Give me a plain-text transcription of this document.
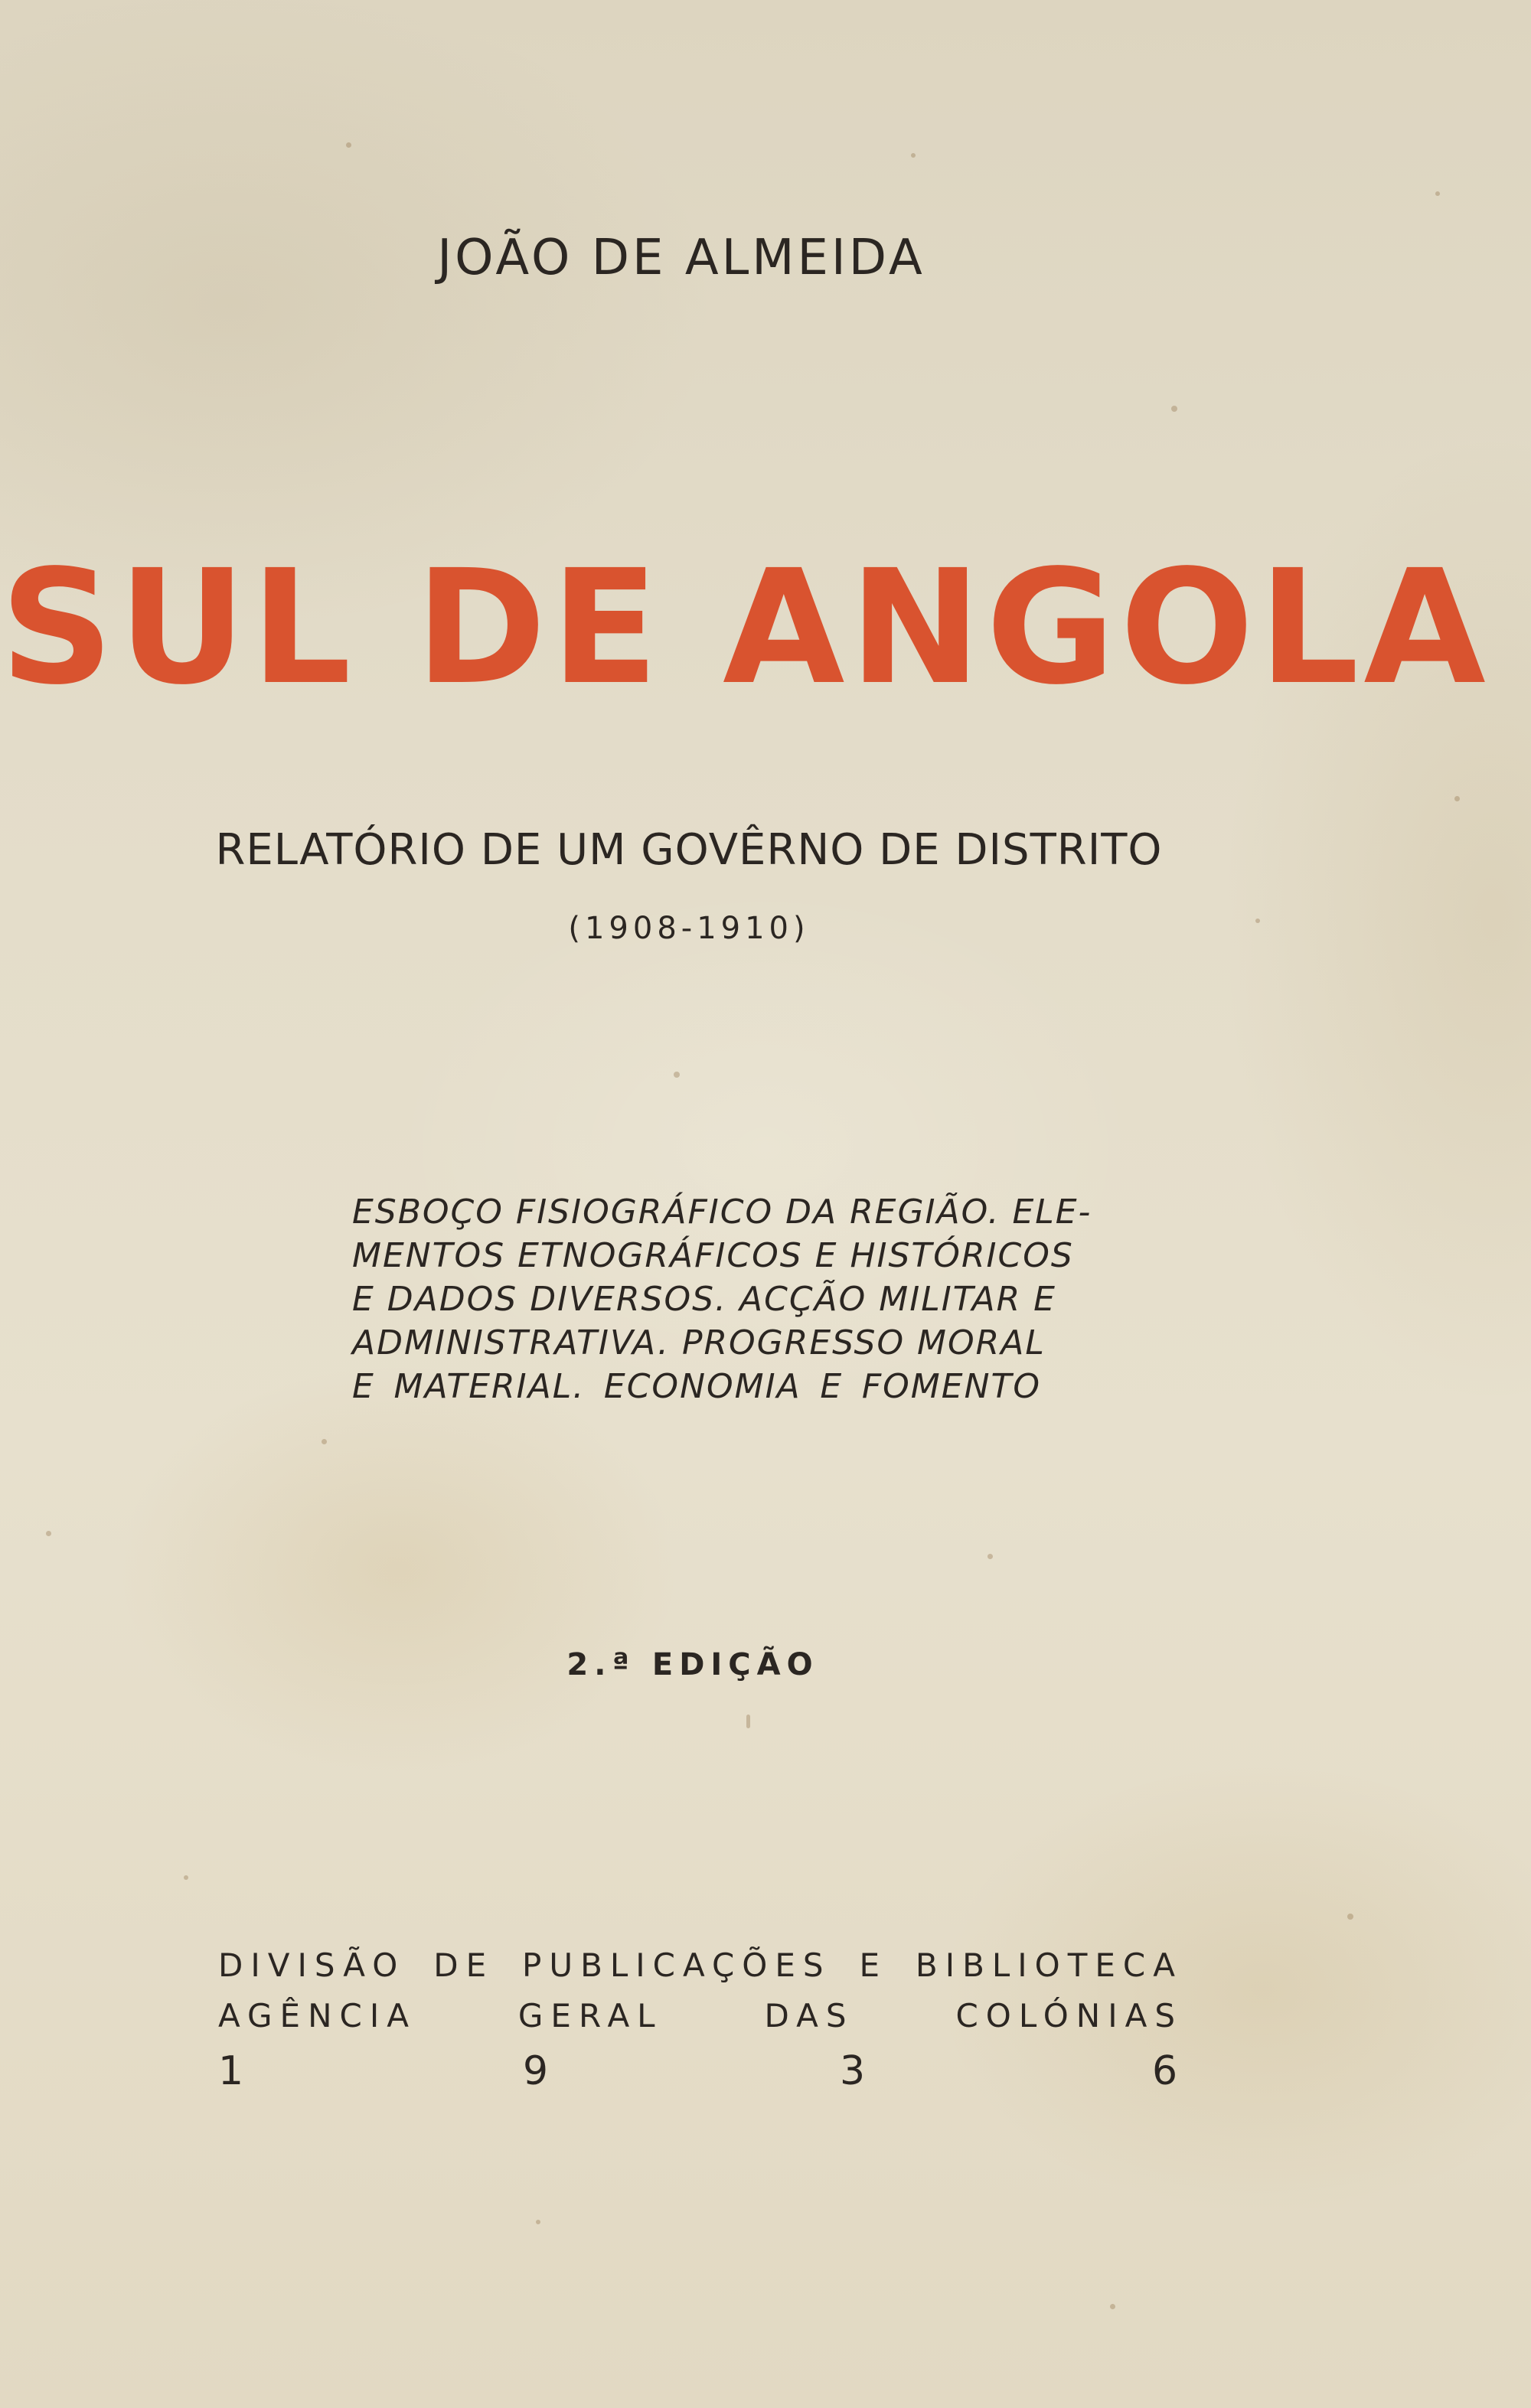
JOÃO DE ALMEIDA
SUL DE ANGOLA
RELATÓRIO DE UM GOVÊRNO DE DISTRITO
(1908-1910)
ESBOÇO FISIOGRÁFICO DA REGIÃO. ELE-
MENTOS ETNOGRÁFICOS E HISTÓRICOS
E DADOS DIVERSOS. ACÇÃO MILITAR E
ADMINISTRATIVA. PROGRESSO MORAL
E MATERIAL. ECONOMIA E FOMENTO
2.ª EDIÇÃO
DIVISÃO DE PUBLICAÇÕES E BIBLIOTECA
AGÊNCIA GERAL DAS COLÓNIAS
1	9	3	6
